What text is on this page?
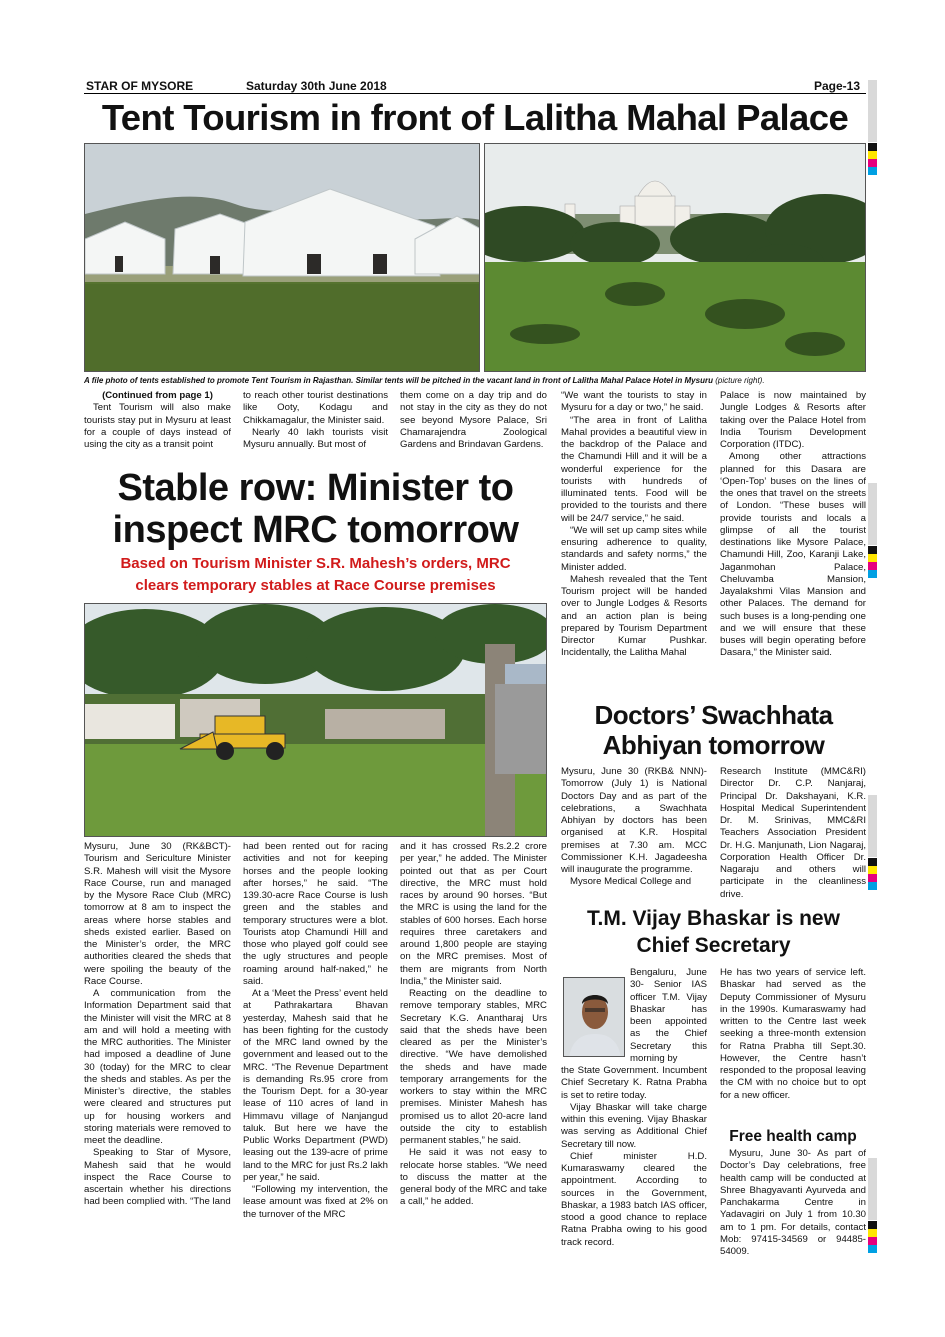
STAR OF MYSORE	Saturday 30th June 2018	Page-13
Tent Tourism in front of Lalitha Mahal Palace
A file photo of tents established to promote Tent Tourism in Rajasthan. Similar tents will be pitched in the vacant land in front of Lalitha Mahal Palace Hotel in Mysuru (picture right).

(Continued from page 1)

Tent Tourism will also make tourists stay put in Mysuru at least for a couple of days instead of using the city as a transit point

to reach other tourist destinations like Ooty, Kodagu and Chikkamagalur, the Minister said.

Nearly 40 lakh tourists visit Mysuru annually. But most of

them come on a day trip and do not stay in the city as they do not see beyond Mysore Palace, Sri Chamarajendra Zoological Gardens and Brindavan Gardens.

“We want the tourists to stay in Mysuru for a day or two,” he said.

“The area in front of Lalitha Mahal provides a beautiful view in the backdrop of the Palace and the Chamundi Hill and it will be a wonderful experience for the tourists with hundreds of illuminated tents. Food will be provided to the tourists and there will be 24/7 service,” he said.

“We will set up camp sites while ensuring adherence to quality, standards and safety norms,” the Minister added.

Mahesh revealed that the Tent Tourism project will be handed over to Jungle Lodges & Resorts and an action plan is being prepared by Tourism Department Director Kumar Pushkar. Incidentally, the Lalitha Mahal

Palace is now maintained by Jungle Lodges & Resorts after taking over the Palace Hotel from India Tourism Development Corporation (ITDC).

Among other attractions planned for this Dasara are ‘Open-Top’ buses on the lines of the ones that travel on the streets of London. “These buses will provide tourists and locals a glimpse of all the tourist destinations like Mysore Palace, Chamundi Hill, Zoo, Karanji Lake, Jaganmohan Palace, Cheluvamba Mansion, Jayalakshmi Vilas Mansion and other Palaces. The demand for such buses is a long-pending one and we will ensure that these buses will begin operating before Dasara,” the Minister said.

Stable row: Minister to
inspect MRC tomorrow
Based on Tourism Minister S.R. Mahesh’s orders, MRC
clears temporary stables at Race Course premises

Mysuru, June 30 (RK&BCT)- Tourism and Sericulture Minister S.R. Mahesh will visit the Mysore Race Course, run and managed by the Mysore Race Club (MRC) tomorrow at 8 am to inspect the areas where horse stables and sheds existed earlier. Based on the Minister’s order, the MRC authorities cleared the sheds that were spoiling the beauty of the Race Course.

A communication from the Information Department said that the Minister will visit the MRC at 8 am and will hold a meeting with the MRC authorities. The Minister had imposed a deadline of June 30 (today) for the MRC to clear the sheds and stables. As per the Minister’s directive, the stables were cleared and structures put up for housing workers and storing materials were removed to meet the deadline.

Speaking to Star of Mysore, Mahesh said that he would inspect the Race Course to ascertain whether his directions had been complied with. “The land

had been rented out for racing activities and not for keeping horses and the people looking after horses,” he said. “The 139.30-acre Race Course is lush green and the stables and temporary structures were a blot. Tourists atop Chamundi Hill and those who played golf could see the ugly structures and people roaming around half-naked,” he said.

At a ‘Meet the Press’ event held at Pathrakartara Bhavan yesterday, Mahesh said that he has been fighting for the custody of the MRC land owned by the government and leased out to the MRC. “The Revenue Department is demanding Rs.95 crore from the Tourism Dept. for a 30-year lease of 110 acres of land in Himmavu village of Nanjangud taluk. But here we have the Public Works Department (PWD) leasing out the 139-acre of prime land to the MRC for just Rs.2 lakh per year,” he said.

“Following my intervention, the lease amount was fixed at 2% on the turnover of the MRC

and it has crossed Rs.2.2 crore per year,” he added. The Minister pointed out that as per Court directive, the MRC must hold races by around 90 horses. “But the MRC is using the land for the stables of 600 horses. Each horse requires three caretakers and around 1,800 people are staying on the MRC premises. Most of them are migrants from North India,” the Minister said.

Reacting on the deadline to remove temporary stables, MRC Secretary K.G. Anantharaj Urs said that the sheds have been cleared as per the Minister’s directive. “We have demolished the sheds and have made temporary arrangements for the workers to stay within the MRC premises. Minister Mahesh has promised us to allot 20-acre land outside the city to establish permanent stables,” he said.

He said it was not easy to relocate horse stables. “We need to discuss the matter at the general body of the MRC and take a call,” he added.

Doctors’ Swachhata
Abhiyan tomorrow

Mysuru, June 30 (RKB& NNN)- Tomorrow (July 1) is National Doctors Day and as part of the celebrations, a Swachhata Abhiyan by doctors has been organised at K.R. Hospital premises at 7.30 am. MCC Commissioner K.H. Jagadeesha will inaugurate the programme.

Mysore Medical College and

Research Institute (MMC&RI) Director Dr. C.P. Nanjaraj, Principal Dr. Dakshayani, K.R. Hospital Medical Superintendent Dr. M. Srinivas, MMC&RI Teachers Association President Dr. H.G. Manjunath, Lion Nagaraj, Corporation Health Officer Dr. Nagaraju and others will participate in the cleanliness drive.

T.M. Vijay Bhaskar is new
Chief Secretary

Bengaluru, June 30- Senior IAS officer T.M. Vijay Bhaskar has been appointed as the Chief Secretary this morning by

the State Government. Incumbent Chief Secretary K. Ratna Prabha is set to retire today.

Vijay Bhaskar will take charge within this evening. Vijay Bhaskar was serving as Additional Chief Secretary till now.

Chief minister H.D. Kumaraswamy cleared the appointment. According to sources in the Government, Bhaskar, a 1983 batch IAS officer, stood a good chance to replace Ratna Prabha owing to his good track record.

He has two years of service left. Bhaskar had served as the Deputy Commissioner of Mysuru in the 1990s. Kumaraswamy had written to the Centre last week seeking a three-month extension for Ratna Prabha till Sept.30. However, the Centre hasn’t responded to the proposal leaving the CM with no choice but to opt for a new officer.

Free health camp

Mysuru, June 30- As part of Doctor’s Day celebrations, free health camp will be conducted at Shree Bhagyavanti Ayurveda and Panchakarma Centre in Yadavagiri on July 1 from 10.30 am to 1 pm. For details, contact Mob: 97415-34569 or 94485-54009.
